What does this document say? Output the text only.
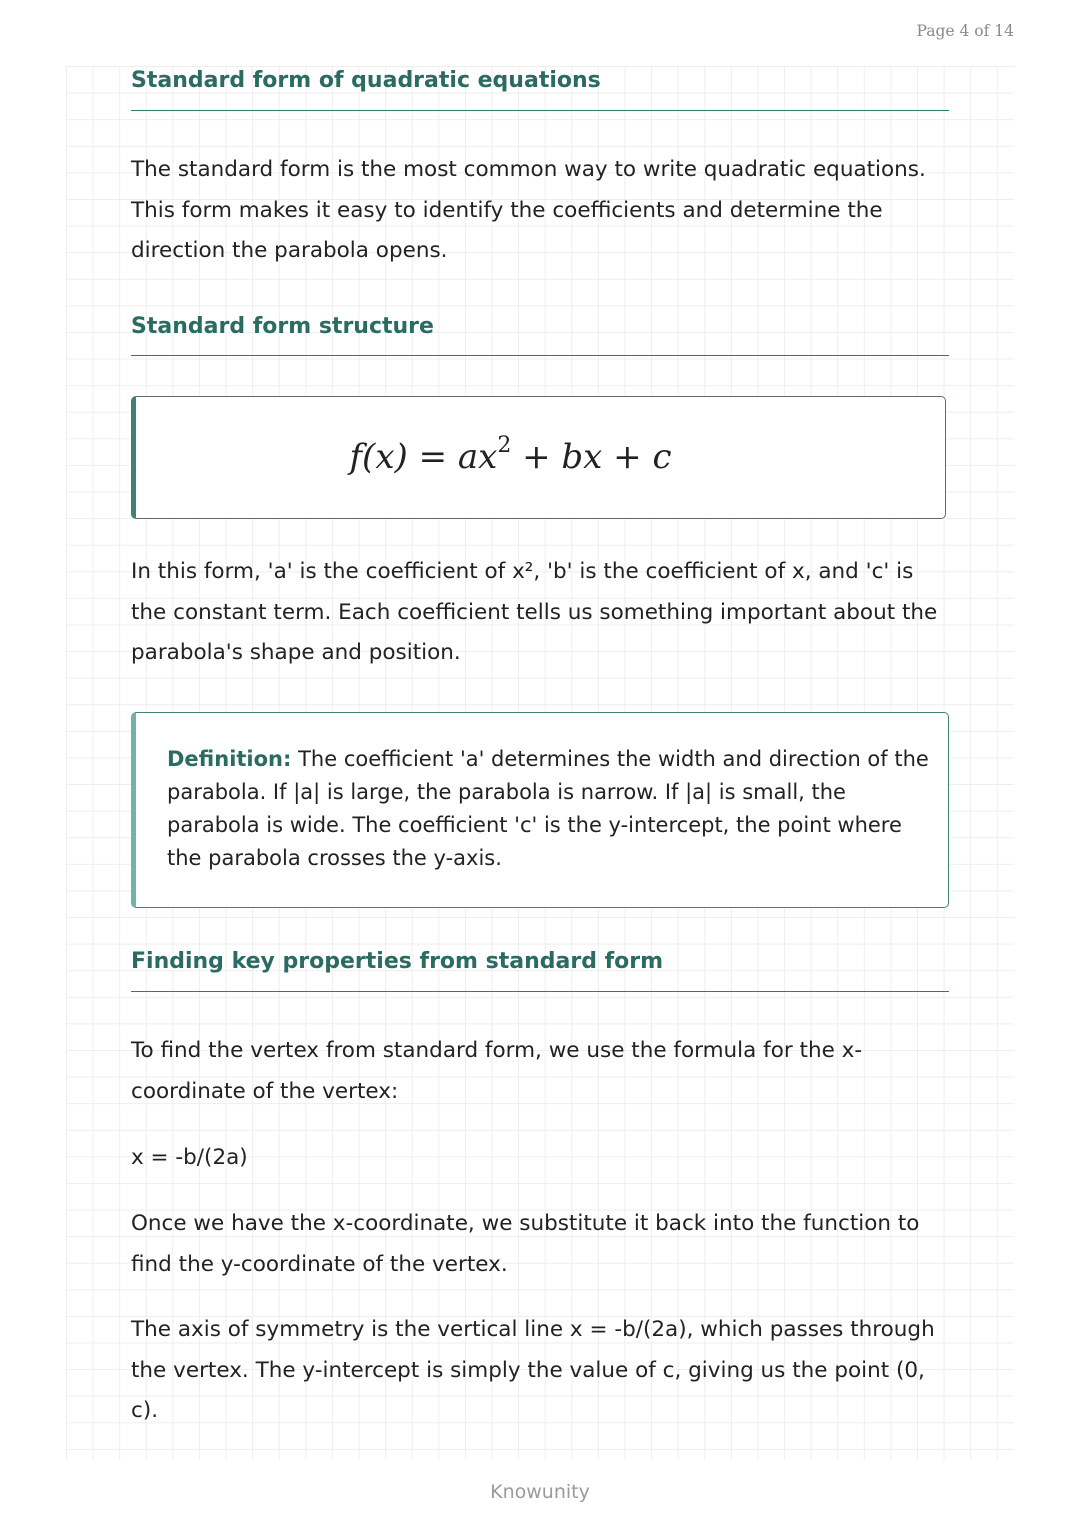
Page 4 of 14
Standard form of quadratic equations
The standard form is the most common way to write quadratic equations. This form makes it easy to identify the coefficients and determine the direction the parabola opens.
Standard form structure
$f(x) = ax^2$ + bx + c
In this form, 'a' is the coefficient of x², 'b' is the coefficient of x, and 'c' is the constant term. Each coefficient tells us something important about the parabola's shape and position.
Definition: The coefficient 'a' determines the width and direction of the parabola. If |a| is large, the parabola is narrow. If |a| is small, the parabola is wide. The coefficient 'c' is the y-intercept, the point where the parabola crosses the y-axis.
Finding key properties from standard form
To find the vertex from standard form, we use the formula for the x-coordinate of the vertex:
x = -b/(2a)
Once we have the x-coordinate, we substitute it back into the function to find the y-coordinate of the vertex.
The axis of symmetry is the vertical line x = -b/(2a), which passes through the vertex. The y-intercept is simply the value of c, giving us the point (0, c).
Knowunity
